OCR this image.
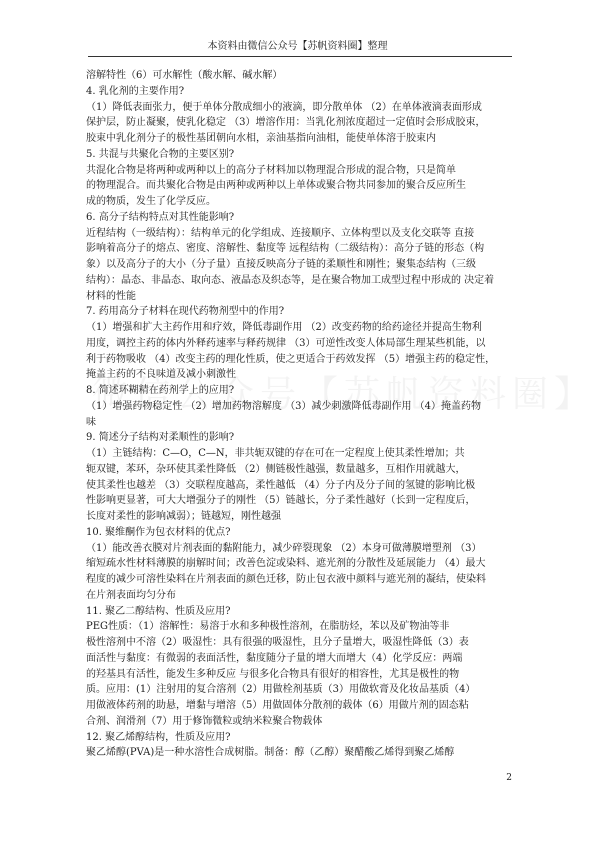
本资料由微信公众号【苏帆资料圈】整理
溶解特性（6）可水解性（酸水解、碱水解）
4. 乳化剂的主要作用?
（1）降低表面张力，便于单体分散成细小的液滴，即分散单体 （2）在单体液滴表面形成
保护层，防止凝聚，使乳化稳定 （3）增溶作用：当乳化剂浓度超过一定值时会形成胶束，
胶束中乳化剂分子的极性基团朝向水相，亲油基指向油相，能使单体溶于胶束内
5. 共混与共聚化合物的主要区别?
共混化合物是将两种或两种以上的高分子材料加以物理混合形成的混合物，只是简单
的物理混合。而共聚化合物是由两种或两种以上单体或聚合物共同参加的聚合反应所生
成的物质，发生了化学反应。
6. 高分子结构特点对其性能影响?
近程结构（一级结构）：结构单元的化学组成、连接顺序、立体构型以及支化交联等 直接
影响着高分子的熔点、密度、溶解性、黏度等 远程结构（二级结构）：高分子链的形态（构
象）以及高分子的大小（分子量）直接反映高分子链的柔顺性和刚性；聚集态结构（三级
结构）：晶态、非晶态、取向态、液晶态及织态等，是在聚合物加工成型过程中形成的 决定着
材料的性能
7. 药用高分子材料在现代药物剂型中的作用?
（1）增强和扩大主药作用和疗效，降低毒副作用 （2）改变药物的给药途径并提高生物利
用度，调控主药的体内外释药速率与释药规律 （3）可逆性改变人体局部生理某些机能，以
利于药物吸收 （4）改变主药的理化性质，使之更适合于药效发挥 （5）增强主药的稳定性，
掩盖主药的不良味道及减小刺激性
8. 简述环糊精在药剂学上的应用?
（1）增强药物稳定性 （2）增加药物溶解度 （3）减少刺激降低毒副作用 （4）掩盖药物
味
9. 简述分子结构对柔顺性的影响?
（1）主链结构：C—O，C—N，非共轭双键的存在可在一定程度上使其柔性增加；共
轭双键，苯环，杂环使其柔性降低 （2）侧链极性越强，数量越多，互相作用就越大，
使其柔性也越差 （3）交联程度越高，柔性越低 （4）分子内及分子间的氢键的影响比极
性影响更显著，可大大增强分子的刚性 （5）链越长，分子柔性越好（长到一定程度后，
长度对柔性的影响减弱）；链越短，刚性越强
10. 聚维酮作为包衣材料的优点?
（1）能改善衣膜对片剂表面的黏附能力，减少碎裂现象 （2）本身可做薄膜增塑剂 （3）
缩短疏水性材料薄膜的崩解时间；改善色淀或染料、遮光剂的分散性及延展能力 （4）最大
程度的减少可溶性染料在片剂表面的颜色迁移，防止包衣液中颜料与遮光剂的凝结，使染料
在片剂表面均匀分布
11. 聚乙二醇结构、性质及应用?
PEG性质：（1）溶解性：易溶于水和多种极性溶剂，在脂肪烃，苯以及矿物油等非
极性溶剂中不溶（2）吸湿性：具有很强的吸湿性，且分子量增大，吸湿性降低（3）表
面活性与黏度：有微弱的表面活性，黏度随分子量的增大而增大（4）化学反应：两端
的羟基具有活性，能发生多种反应 与很多化合物具有很好的相容性，尤其是极性的物
质。应用：(1）注射用的复合溶剂（2）用做栓剂基质（3）用做软膏及化妆品基质（4）
用做液体药剂的助悬，增黏与增溶（5）用做固体分散剂的载体（6）用做片剂的固态粘
合剂、润滑剂（7）用于修饰微粒或纳米粒聚合物载体
12. 聚乙烯醇结构，性质及应用?
聚乙烯醇(PVA)是一种水溶性合成树脂。制备：醇（乙醇）聚醋酸乙烯得到聚乙烯醇
2
